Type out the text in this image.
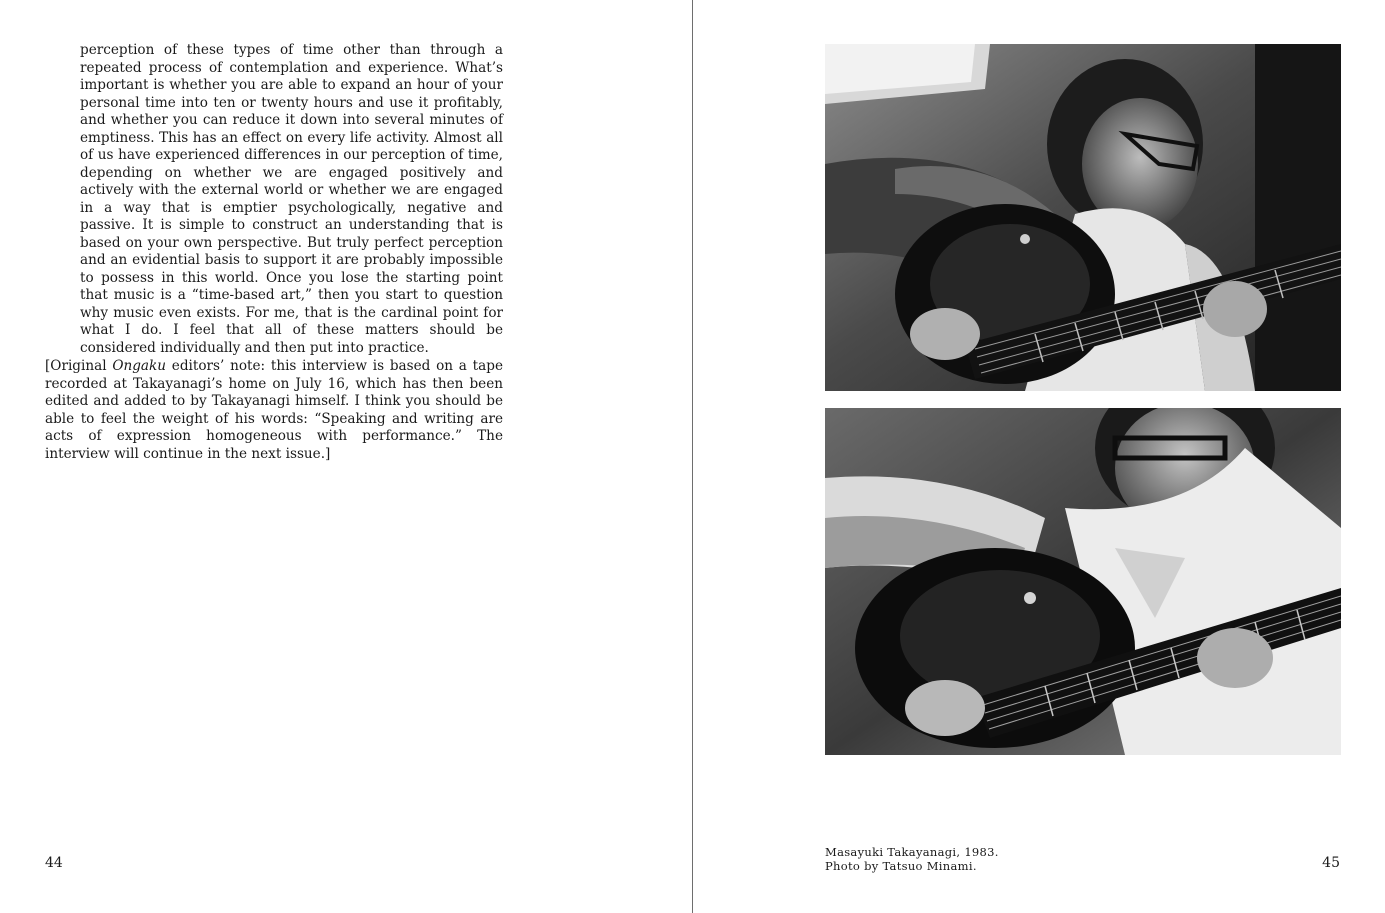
perception of these types of time other than through a repeated process of contemplation and experience. What’s important is whether you are able to expand an hour of your personal time into ten or twenty hours and use it profitably, and whether you can reduce it down into several minutes of emptiness. This has an effect on every life activity. Almost all of us have experienced differences in our perception of time, depending on whether we are engaged positively and actively with the external world or whether we are engaged in a way that is emptier psychologically, negative and passive. It is simple to construct an understanding that is based on your own perspective. But truly perfect perception and an evidential basis to support it are probably impossible to possess in this world. Once you lose the starting point that music is a “time-based art,” then you start to question why music even exists. For me, that is the cardinal point for what I do. I feel that all of these matters should be considered individually and then put into practice.

[Original Ongaku editors’ note: this interview is based on a tape recorded at Takayanagi’s home on July 16, which has then been edited and added to by Takayanagi himself. I think you should be able to feel the weight of his words: “Speaking and writing are acts of expression homogeneous with performance.” The interview will continue in the next issue.]

44
Masayuki Takayanagi, 1983.
Photo by Tatsuo Minami.	45
